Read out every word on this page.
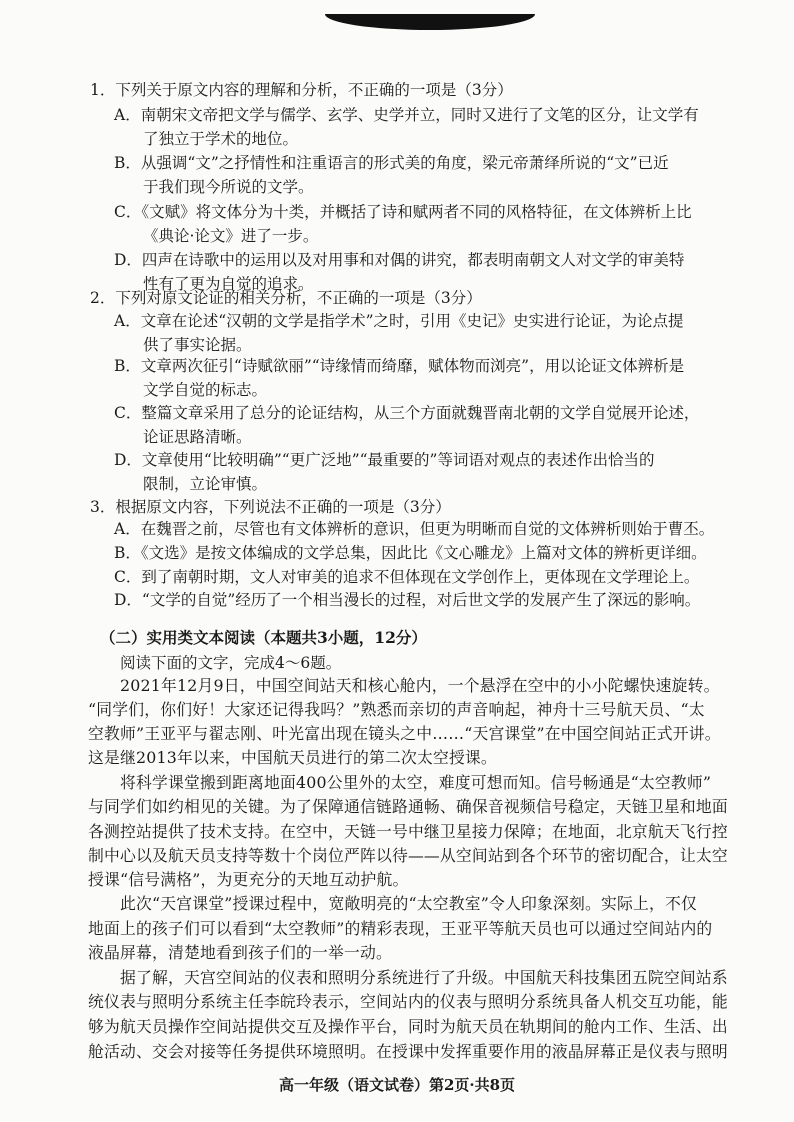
1．下列关于原文内容的理解和分析，不正确的一项是（3分）
A．南朝宋文帝把文学与儒学、玄学、史学并立，同时又进行了文笔的区分，让文学有
了独立于学术的地位。
B．从强调“文”之抒情性和注重语言的形式美的角度，梁元帝萧绎所说的“文”已近
于我们现今所说的文学。
C．《文赋》将文体分为十类，并概括了诗和赋两者不同的风格特征，在文体辨析上比
《典论·论文》进了一步。
D．四声在诗歌中的运用以及对用事和对偶的讲究，都表明南朝文人对文学的审美特
性有了更为自觉的追求。
2．下列对原文论证的相关分析，不正确的一项是（3分）
A．文章在论述“汉朝的文学是指学术”之时，引用《史记》史实进行论证，为论点提
供了事实论据。
B．文章两次征引“诗赋欲丽”“诗缘情而绮靡，赋体物而浏亮”，用以论证文体辨析是
文学自觉的标志。
C．整篇文章采用了总分的论证结构，从三个方面就魏晋南北朝的文学自觉展开论述，
论证思路清晰。
D．文章使用“比较明确”“更广泛地”“最重要的”等词语对观点的表述作出恰当的
限制，立论审慎。
3．根据原文内容，下列说法不正确的一项是（3分）
A．在魏晋之前，尽管也有文体辨析的意识，但更为明晰而自觉的文体辨析则始于曹丕。
B．《文选》是按文体编成的文学总集，因此比《文心雕龙》上篇对文体的辨析更详细。
C．到了南朝时期，文人对审美的追求不但体现在文学创作上，更体现在文学理论上。
D．“文学的自觉”经历了一个相当漫长的过程，对后世文学的发展产生了深远的影响。
（二）实用类文本阅读（本题共3小题，12分）
阅读下面的文字，完成4～6题。
2021年12月9日，中国空间站天和核心舱内，一个悬浮在空中的小小陀螺快速旋转。
“同学们，你们好！大家还记得我吗？”熟悉而亲切的声音响起，神舟十三号航天员、“太
空教师”王亚平与翟志刚、叶光富出现在镜头之中……“天宫课堂”在中国空间站正式开讲。
这是继2013年以来，中国航天员进行的第二次太空授课。
将科学课堂搬到距离地面400公里外的太空，难度可想而知。信号畅通是“太空教师”
与同学们如约相见的关键。为了保障通信链路通畅、确保音视频信号稳定，天链卫星和地面
各测控站提供了技术支持。在空中，天链一号中继卫星接力保障；在地面，北京航天飞行控
制中心以及航天员支持等数十个岗位严阵以待——从空间站到各个环节的密切配合，让太空
授课“信号满格”，为更充分的天地互动护航。
此次“天宫课堂”授课过程中，宽敞明亮的“太空教室”令人印象深刻。实际上，不仅
地面上的孩子们可以看到“太空教师”的精彩表现，王亚平等航天员也可以通过空间站内的
液晶屏幕，清楚地看到孩子们的一举一动。
据了解，天宫空间站的仪表和照明分系统进行了升级。中国航天科技集团五院空间站系
统仪表与照明分系统主任李皖玲表示，空间站内的仪表与照明分系统具备人机交互功能，能
够为航天员操作空间站提供交互及操作平台，同时为航天员在轨期间的舱内工作、生活、出
舱活动、交会对接等任务提供环境照明。在授课中发挥重要作用的液晶屏幕正是仪表与照明
高一年级（语文试卷）第2页·共8页
